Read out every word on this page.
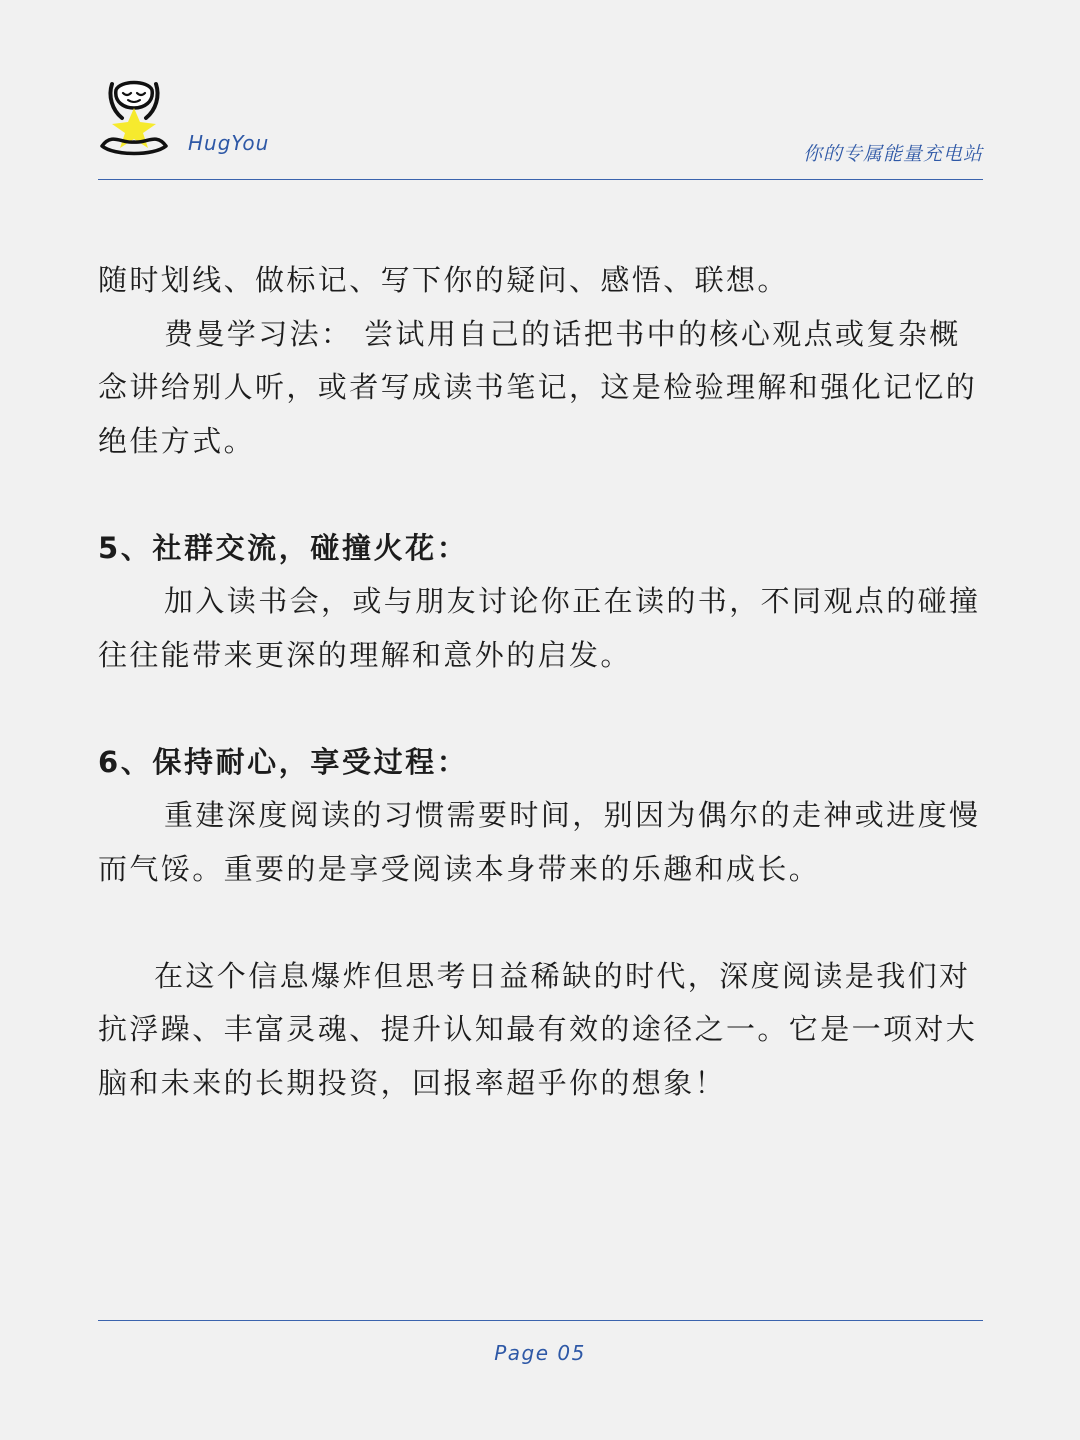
HugYou	你的专属能量充电站

随时划线、做标记、写下你的疑问、感悟、联想。

费曼学习法： 尝试用自己的话把书中的核心观点或复杂概念讲给别人听，或者写成读书笔记，这是检验理解和强化记忆的绝佳方式。

5、社群交流，碰撞火花：

加入读书会，或与朋友讨论你正在读的书，不同观点的碰撞往往能带来更深的理解和意外的启发。

6、保持耐心，享受过程：

重建深度阅读的习惯需要时间，别因为偶尔的走神或进度慢而气馁。重要的是享受阅读本身带来的乐趣和成长。

在这个信息爆炸但思考日益稀缺的时代，深度阅读是我们对抗浮躁、丰富灵魂、提升认知最有效的途径之一。它是一项对大脑和未来的长期投资，回报率超乎你的想象！

Page 05
